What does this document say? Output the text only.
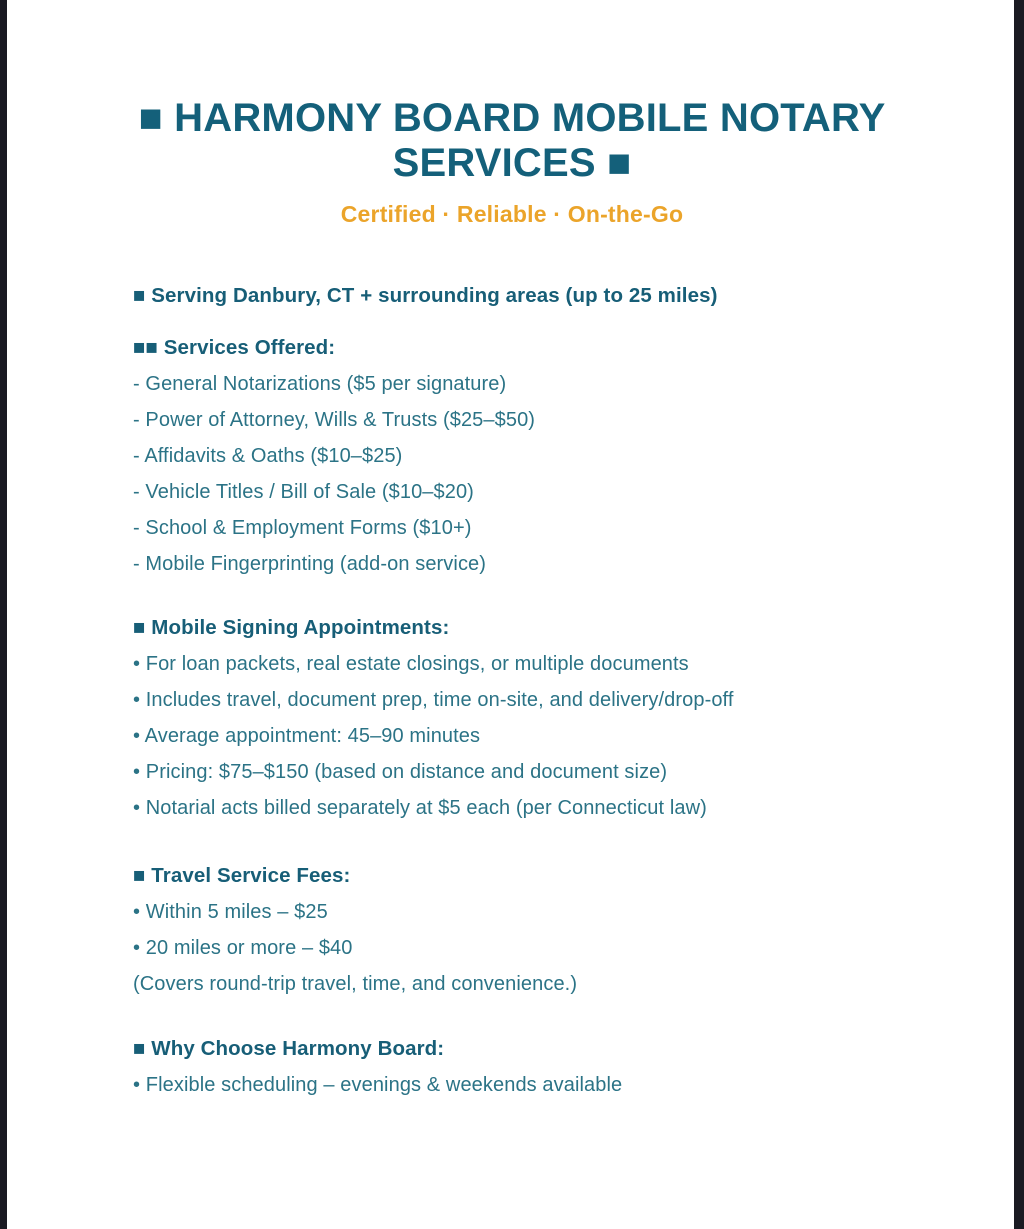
■ HARMONY BOARD MOBILE NOTARY
SERVICES ■
Certified · Reliable · On-the-Go
■ Serving Danbury, CT + surrounding areas (up to 25 miles)
■■ Services Offered:

- General Notarizations ($5 per signature)

- Power of Attorney, Wills & Trusts ($25–$50)

- Affidavits & Oaths ($10–$25)

- Vehicle Titles / Bill of Sale ($10–$20)

- School & Employment Forms ($10+)

- Mobile Fingerprinting (add-on service)

■ Mobile Signing Appointments:

• For loan packets, real estate closings, or multiple documents

• Includes travel, document prep, time on-site, and delivery/drop-off

• Average appointment: 45–90 minutes

• Pricing: $75–$150 (based on distance and document size)

• Notarial acts billed separately at $5 each (per Connecticut law)

■ Travel Service Fees:

• Within 5 miles – $25

• 20 miles or more – $40

(Covers round-trip travel, time, and convenience.)

■ Why Choose Harmony Board:

• Flexible scheduling – evenings & weekends available
